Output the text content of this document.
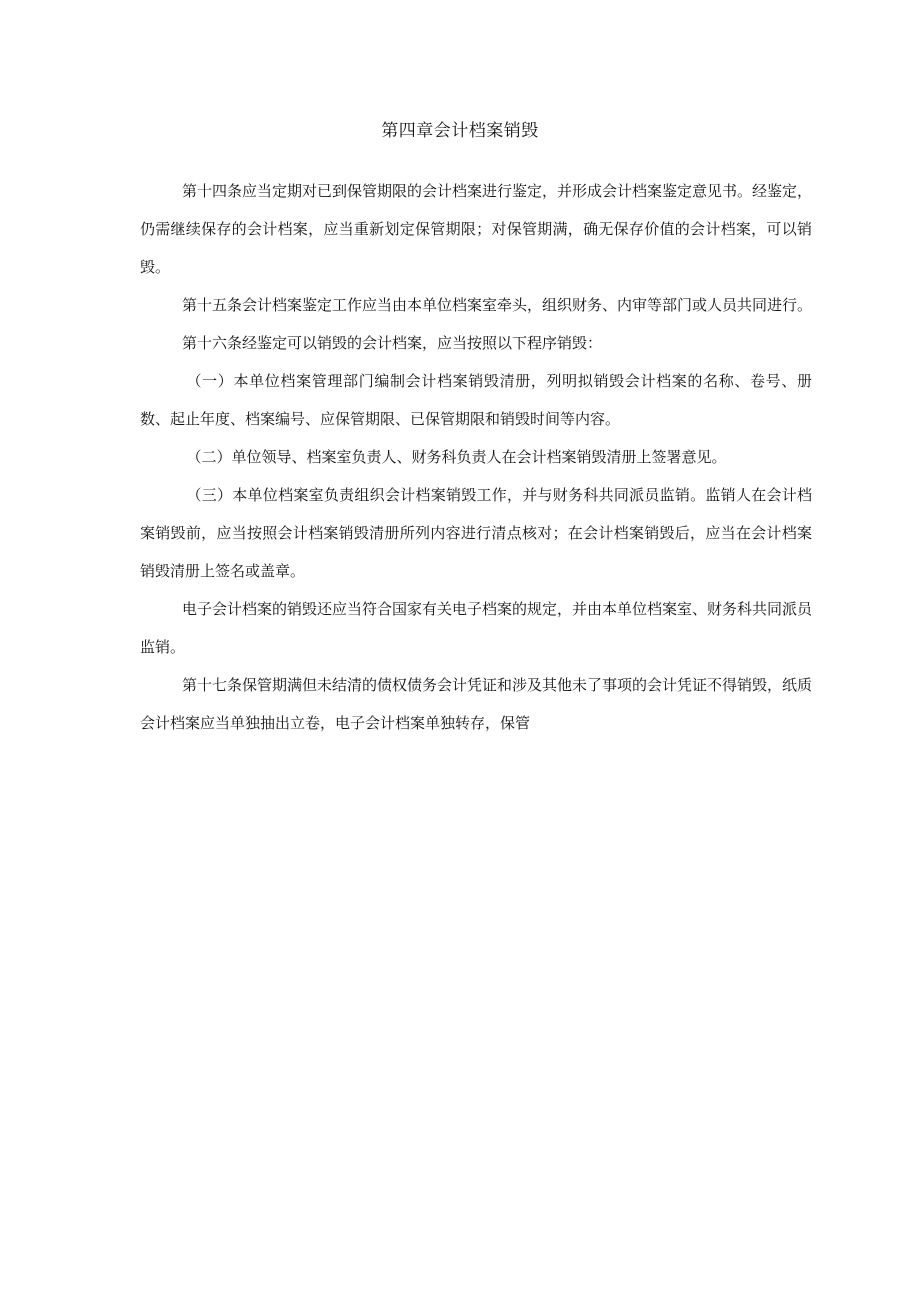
第四章会计档案销毁

第十四条应当定期对已到保管期限的会计档案进行鉴定，并形成会计档案鉴定意见书。经鉴定，仍需继续保存的会计档案，应当重新划定保管期限；对保管期满，确无保存价值的会计档案，可以销毁。

第十五条会计档案鉴定工作应当由本单位档案室牵头，组织财务、内审等部门或人员共同进行。

第十六条经鉴定可以销毁的会计档案，应当按照以下程序销毁：

（一）本单位档案管理部门编制会计档案销毁清册，列明拟销毁会计档案的名称、卷号、册数、起止年度、档案编号、应保管期限、已保管期限和销毁时间等内容。

（二）单位领导、档案室负责人、财务科负责人在会计档案销毁清册上签署意见。

（三）本单位档案室负责组织会计档案销毁工作，并与财务科共同派员监销。监销人在会计档案销毁前，应当按照会计档案销毁清册所列内容进行清点核对；在会计档案销毁后，应当在会计档案销毁清册上签名或盖章。

电子会计档案的销毁还应当符合国家有关电子档案的规定，并由本单位档案室、财务科共同派员监销。

第十七条保管期满但未结清的债权债务会计凭证和涉及其他未了事项的会计凭证不得销毁，纸质会计档案应当单独抽出立卷，电子会计档案单独转存，保管
